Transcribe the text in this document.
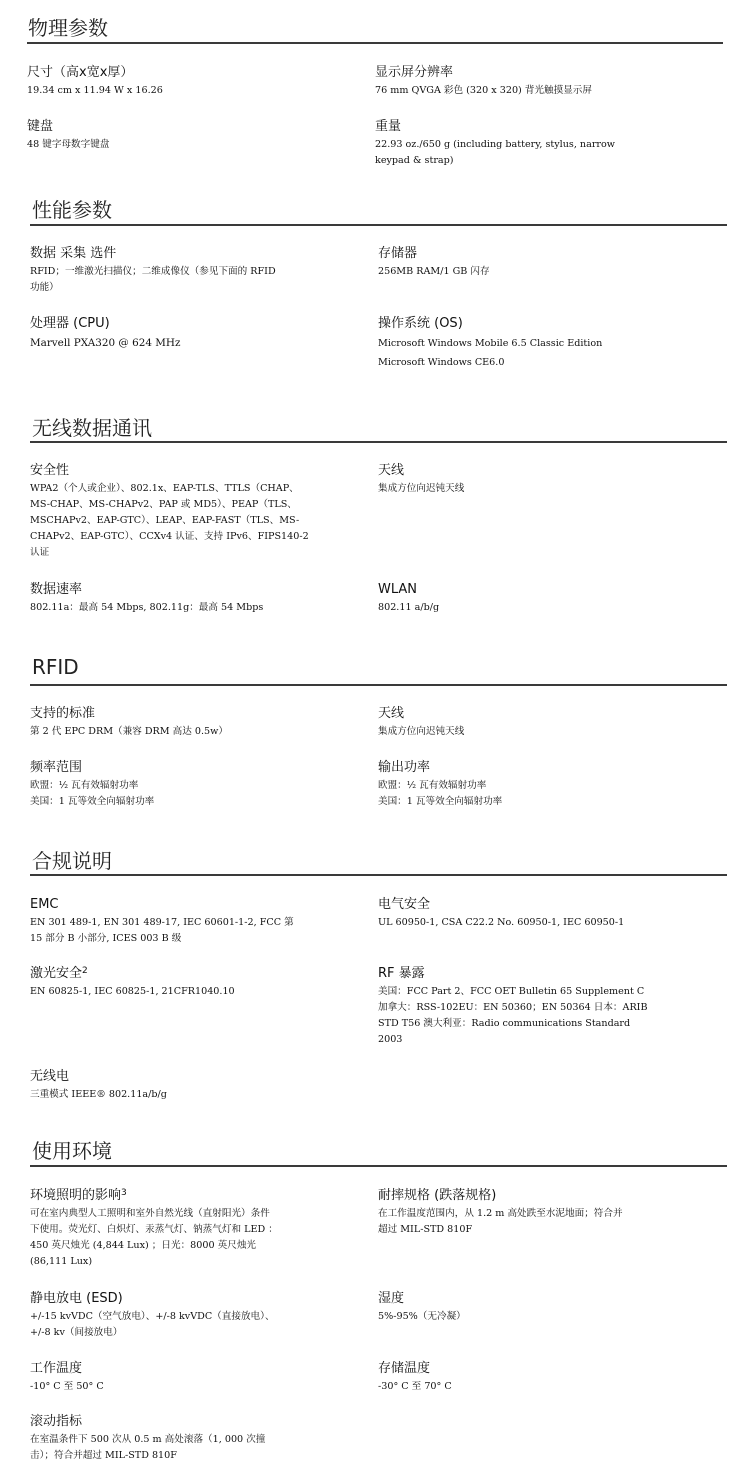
物理参数
尺寸（高x宽x厚）
19.34 cm x 11.94 W x 16.26
显示屏分辨率
76 mm QVGA 彩色 (320 x 320) 背光触摸显示屏
键盘
48 键字母数字键盘
重量
22.93 oz./650 g (including battery, stylus, narrow
keypad & strap)
性能参数
数据 采集 选件
RFID；一维激光扫描仪；二维成像仪（参见下面的 RFID
功能）
存储器
256MB RAM/1 GB 闪存
处理器 (CPU)
Marvell PXA320 @ 624 MHz
操作系统 (OS)
Microsoft Windows Mobile 6.5 Classic Edition
Microsoft Windows CE6.0
无线数据通讯
安全性
WPA2（个人或企业）、802.1x、EAP-TLS、TTLS（CHAP、
MS-CHAP、MS-CHAPv2、PAP 或 MD5）、PEAP（TLS、
MSCHAPv2、EAP-GTC）、LEAP、EAP-FAST（TLS、MS-
CHAPv2、EAP-GTC）、CCXv4 认证、支持 IPv6、FIPS140-2
认证
天线
集成方位向迟钝天线
数据速率
802.11a：最高 54 Mbps, 802.11g：最高 54 Mbps
WLAN
802.11 a/b/g
RFID
支持的标准
第 2 代 EPC DRM（兼容 DRM 高达 0.5w）
天线
集成方位向迟钝天线
频率范围
欧盟：½ 瓦有效辐射功率
美国：1 瓦等效全向辐射功率
输出功率
欧盟：½ 瓦有效辐射功率
美国：1 瓦等效全向辐射功率
合规说明
EMC
EN 301 489-1, EN 301 489-17, IEC 60601-1-2, FCC 第
15 部分 B 小部分, ICES 003 B 级
电气安全
UL 60950-1, CSA C22.2 No. 60950-1, IEC 60950-1
激光安全$^2$
EN 60825-1, IEC 60825-1, 21CFR1040.10
RF 暴露
美国：FCC Part 2、FCC OET Bulletin 65 Supplement C
加拿大：RSS-102EU：EN 50360；EN 50364 日本：ARIB
STD T56 澳大利亚：Radio communications Standard
2003
无线电
三重模式 IEEE® 802.11a/b/g
使用环境
环境照明的影响$^3$
可在室内典型人工照明和室外自然光线（直射阳光）条件
下使用。荧光灯、白炽灯、汞蒸气灯、钠蒸气灯和 LED ：
450 英尺烛光 (4,844 Lux) ；日光：8000 英尺烛光
(86,111 Lux)
耐摔规格 (跌落规格)
在工作温度范围内，从 1.2 m 高处跌至水泥地面；符合并
超过 MIL-STD 810F
静电放电 (ESD)
+/-15 kvVDC（空气放电）、+/-8 kvVDC（直接放电）、
+/-8 kv（间接放电）
湿度
5%-95%（无冷凝）
工作温度
-10° C 至 50° C
存储温度
-30° C 至 70° C
滚动指标
在室温条件下 500 次从 0.5 m 高处滚落（1, 000 次撞
击）；符合并超过 MIL-STD 810F
